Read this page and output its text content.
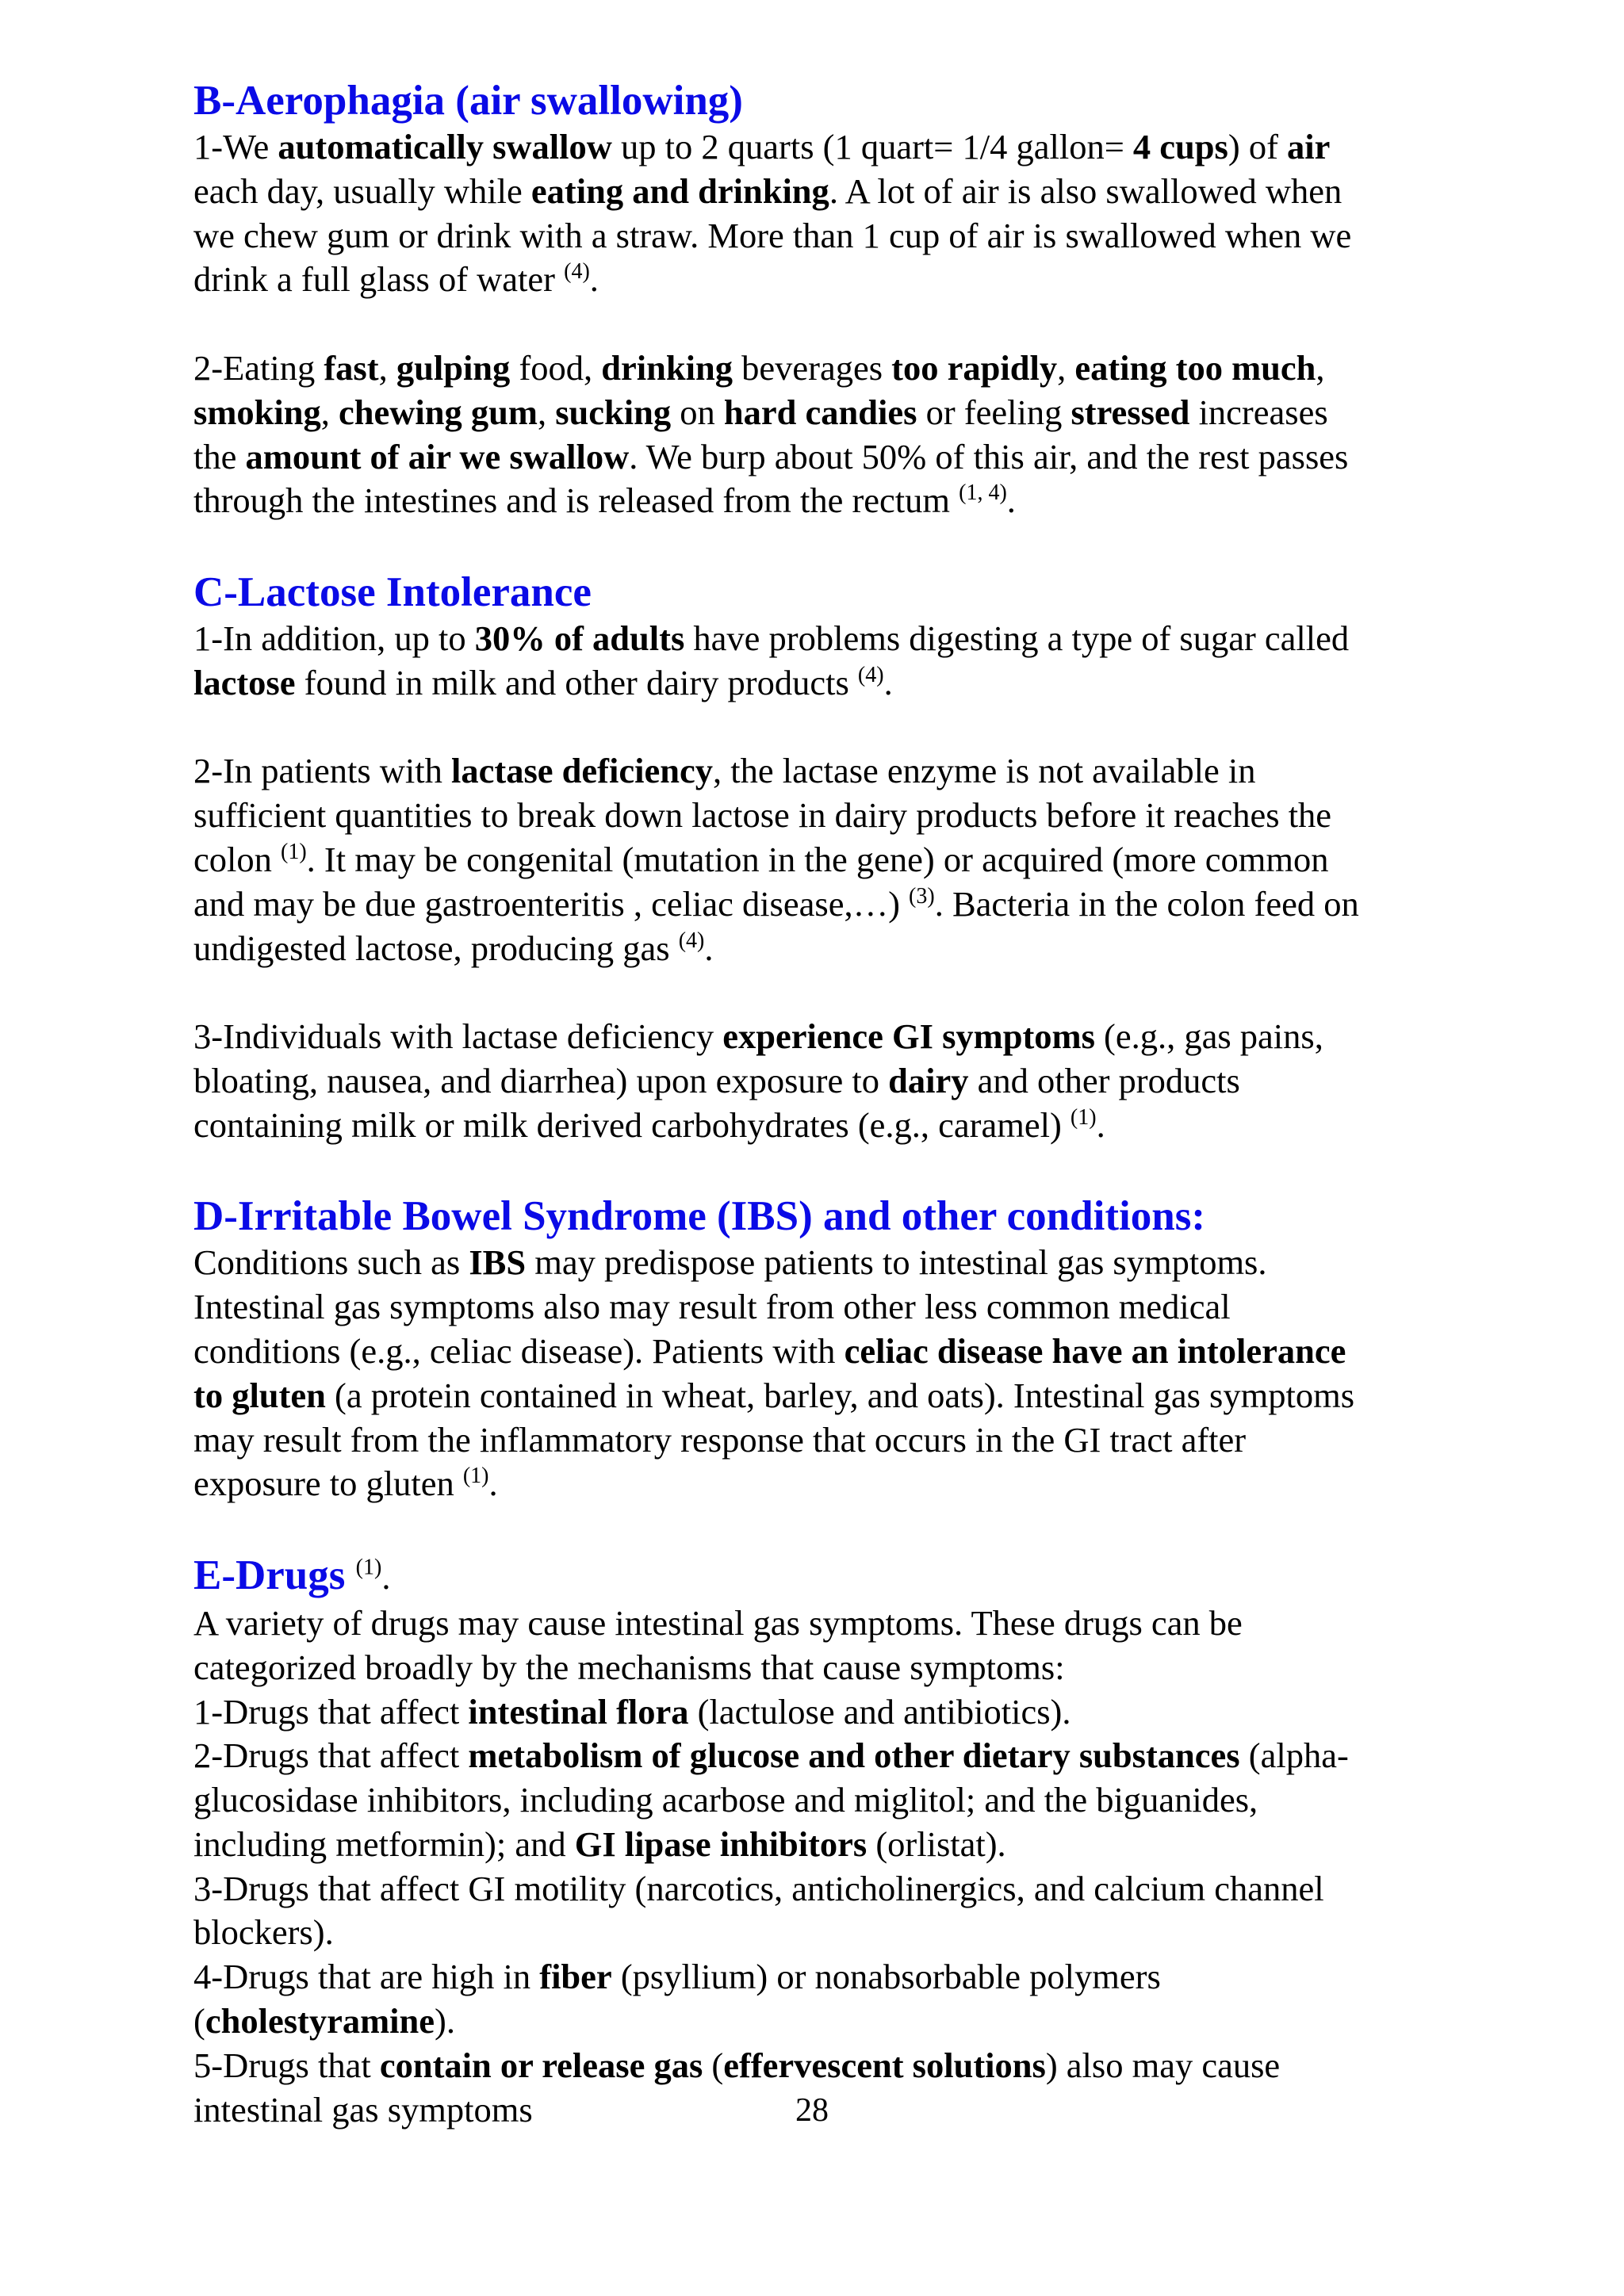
B-Aerophagia (air swallowing)
1-We automatically swallow up to 2 quarts (1 quart= 1/4 gallon= 4 cups) of air
each day, usually while eating and drinking. A lot of air is also swallowed when
we chew gum or drink with a straw. More than 1 cup of air is swallowed when we
drink a full glass of water $^{(4)}$.
2-Eating fast, gulping food, drinking beverages too rapidly, eating too much,
smoking, chewing gum, sucking on hard candies or feeling stressed increases
the amount of air we swallow. We burp about 50% of this air, and the rest passes
through the intestines and is released from the rectum $^{(1, 4)}$.
C-Lactose Intolerance
1-In addition, up to 30% of adults have problems digesting a type of sugar called
lactose found in milk and other dairy products $^{(4)}$.
2-In patients with lactase deficiency, the lactase enzyme is not available in
sufficient quantities to break down lactose in dairy products before it reaches the
colon $^{(1)}$. It may be congenital (mutation in the gene) or acquired (more common
and may be due gastroenteritis , celiac disease,…) $^{(3)}$. Bacteria in the colon feed on
undigested lactose, producing gas $^{(4)}$.
3-Individuals with lactase deficiency experience GI symptoms (e.g., gas pains,
bloating, nausea, and diarrhea) upon exposure to dairy and other products
containing milk or milk derived carbohydrates (e.g., caramel) $^{(1)}$.
D-Irritable Bowel Syndrome (IBS) and other conditions:
Conditions such as IBS may predispose patients to intestinal gas symptoms.
Intestinal gas symptoms also may result from other less common medical
conditions (e.g., celiac disease). Patients with celiac disease have an intolerance
to gluten (a protein contained in wheat, barley, and oats). Intestinal gas symptoms
may result from the inflammatory response that occurs in the GI tract after
exposure to gluten $^{(1)}$.
E-Drugs $^{(1)}$.
A variety of drugs may cause intestinal gas symptoms. These drugs can be
categorized broadly by the mechanisms that cause symptoms:
1-Drugs that affect intestinal flora (lactulose and antibiotics).
2-Drugs that affect metabolism of glucose and other dietary substances (alpha-
glucosidase inhibitors, including acarbose and miglitol; and the biguanides,
including metformin); and GI lipase inhibitors (orlistat).
3-Drugs that affect GI motility (narcotics, anticholinergics, and calcium channel
blockers).
4-Drugs that are high in fiber (psyllium) or nonabsorbable polymers
(cholestyramine).
5-Drugs that contain or release gas (effervescent solutions) also may cause
intestinal gas symptoms	28
